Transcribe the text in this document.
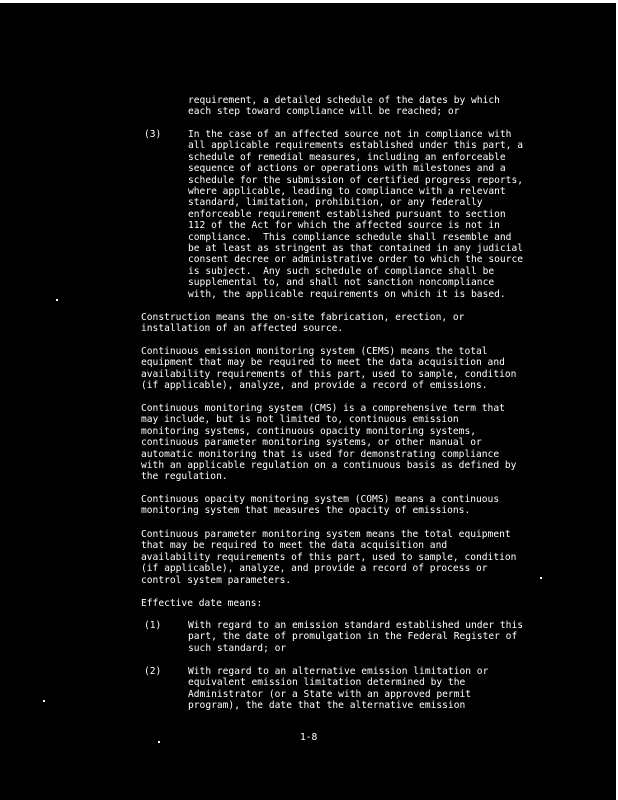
requirement, a detailed schedule of the dates by which
each step toward compliance will be reached; or
(3)	In the case of an affected source not in compliance with
all applicable requirements established under this part, a
schedule of remedial measures, including an enforceable
sequence of actions or operations with milestones and a
schedule for the submission of certified progress reports,
where applicable, leading to compliance with a relevant
standard, limitation, prohibition, or any federally
enforceable requirement established pursuant to section
112 of the Act for which the affected source is not in
compliance.  This compliance schedule shall resemble and
be at least as stringent as that contained in any judicial
consent decree or administrative order to which the source
is subject.  Any such schedule of compliance shall be
supplemental to, and shall not sanction noncompliance
with, the applicable requirements on which it is based.
Construction means the on-site fabrication, erection, or
installation of an affected source.
Continuous emission monitoring system (CEMS) means the total
equipment that may be required to meet the data acquisition and
availability requirements of this part, used to sample, condition
(if applicable), analyze, and provide a record of emissions.
Continuous monitoring system (CMS) is a comprehensive term that
may include, but is not limited to, continuous emission
monitoring systems, continuous opacity monitoring systems,
continuous parameter monitoring systems, or other manual or
automatic monitoring that is used for demonstrating compliance
with an applicable regulation on a continuous basis as defined by
the regulation.
Continuous opacity monitoring system (COMS) means a continuous
monitoring system that measures the opacity of emissions.
Continuous parameter monitoring system means the total equipment
that may be required to meet the data acquisition and
availability requirements of this part, used to sample, condition
(if applicable), analyze, and provide a record of process or
control system parameters.
Effective date means:
(1)	With regard to an emission standard established under this
part, the date of promulgation in the Federal Register of
such standard; or
(2)	With regard to an alternative emission limitation or
equivalent emission limitation determined by the
Administrator (or a State with an approved permit
program), the date that the alternative emission
1-8
